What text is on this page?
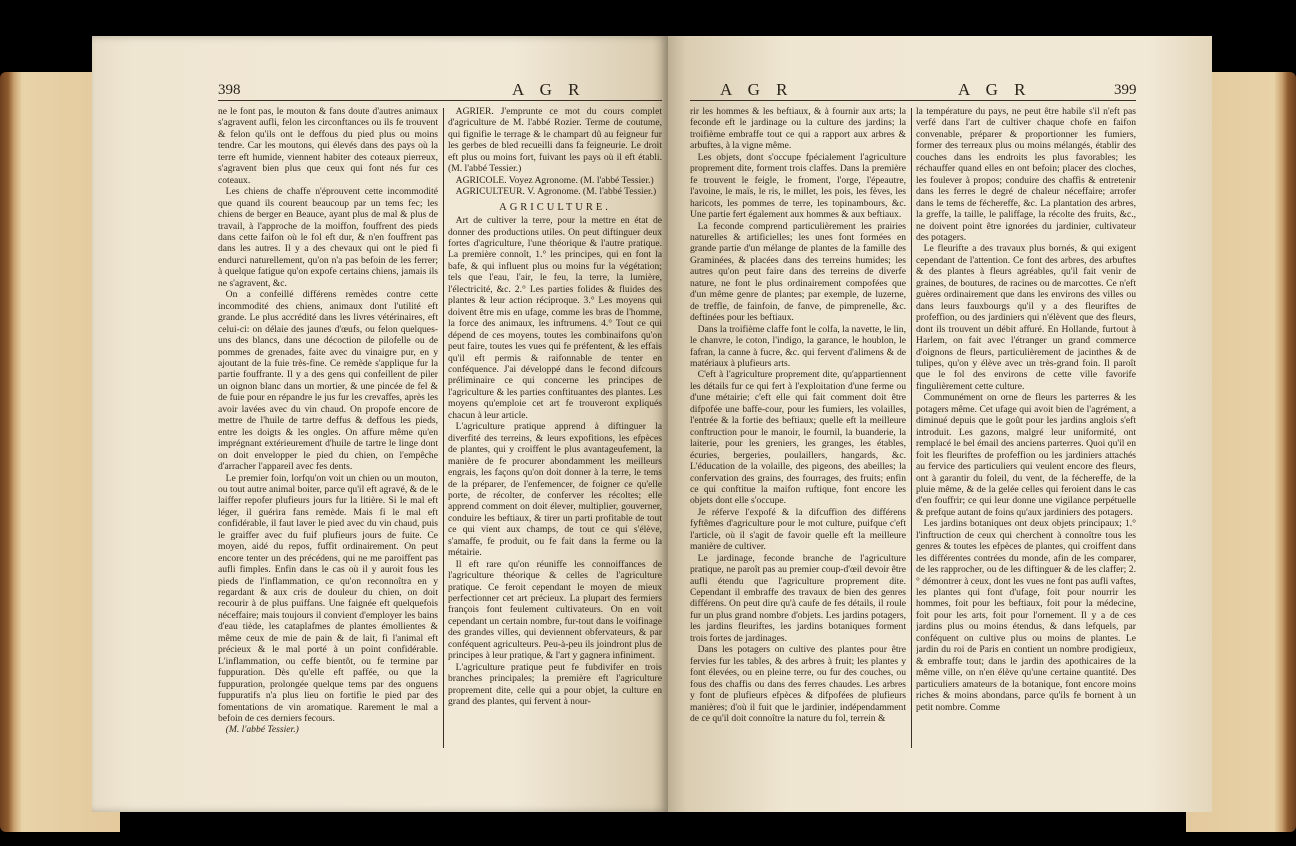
398	A G R

ne le font pas, le mouton & fans doute d'autres animaux s'agravent aufli, felon les circonftances ou ils fe trouvent & felon qu'ils ont le deffous du pied plus ou moins tendre. Car les moutons, qui élevés dans des pays où la terre eft humide, viennent habiter des coteaux pierreux, s'agravent bien plus que ceux qui font nés fur ces coteaux.

Les chiens de chaffe n'éprouvent cette incommodité que quand ils courent beaucoup par un tems fec; les chiens de berger en Beauce, ayant plus de mal & plus de travail, à l'approche de la moiffon, fouffrent des pieds dans cette faifon où le fol eft dur, & n'en fouffrent pas dans les autres. Il y a des chevaux qui ont le pied fi endurci naturellement, qu'on n'a pas befoin de les ferrer; à quelque fatigue qu'on expofe certains chiens, jamais ils ne s'agravent, &c.

On a confeillé différens remèdes contre cette incommodité des chiens, animaux dont l'utilité eft grande. Le plus accrédité dans les livres vétérinaires, eft celui-ci: on délaie des jaunes d'œufs, ou felon quelques-uns des blancs, dans une décoction de pilofelle ou de pommes de grenades, faite avec du vinaigre pur, en y ajoutant de la fuie très-fine. Ce remède s'applique fur la partie fouffrante. Il y a des gens qui confeillent de piler un oignon blanc dans un mortier, & une pincée de fel & de fuie pour en répandre le jus fur les crevaffes, après les avoir lavées avec du vin chaud. On propofe encore de mettre de l'huile de tartre deffus & deffous les pieds, entre les doigts & les ongles. On affure même qu'en imprégnant extérieurement d'huile de tartre le linge dont on doit envelopper le pied du chien, on l'empêche d'arracher l'appareil avec fes dents.

Le premier foin, lorfqu'on voit un chien ou un mouton, ou tout autre animal boiter, parce qu'il eft agravé, & de le laiffer repofer plufieurs jours fur la litière. Si le mal eft léger, il guérira fans remède. Mais fi le mal eft confidérable, il faut laver le pied avec du vin chaud, puis le graiffer avec du fuif plufieurs jours de fuite. Ce moyen, aidé du repos, fuffit ordinairement. On peut encore tenter un des précédens, qui ne me paroiffent pas aufli fimples. Enfin dans le cas où il y auroit fous les pieds de l'inflammation, ce qu'on reconnoîtra en y regardant & aux cris de douleur du chien, on doit recourir à de plus puiffans. Une faignée eft quelquefois néceffaire; mais toujours il convient d'employer les bains d'eau tiède, les cataplafmes de plantes émollientes & même ceux de mie de pain & de lait, fi l'animal eft précieux & le mal porté à un point confidérable. L'inflammation, ou ceffe bientôt, ou fe termine par fuppuration. Dès qu'elle eft paffée, ou que la fuppuration, prolongée quelque tems par des onguens fuppuratifs n'a plus lieu on fortifie le pied par des fomentations de vin aromatique. Rarement le mal a befoin de ces derniers fecours.

(M. l'abbé Tessier.)

AGRIER. J'emprunte ce mot du cours complet d'agriculture de M. l'abbé Rozier. Terme de coutume, qui fignifie le terrage & le champart dû au feigneur fur les gerbes de bled recueilli dans fa feigneurie. Le droit eft plus ou moins fort, fuivant les pays où il eft établi. (M. l'abbé Tessier.)

AGRICOLE. Voyez Agronome. (M. l'abbé Tessier.)

AGRICULTEUR. V. Agronome. (M. l'abbé Tessier.)

AGRICULTURE.

Art de cultiver la terre, pour la mettre en état de donner des productions utiles. On peut diftinguer deux fortes d'agriculture, l'une théorique & l'autre pratique. La première connoît, 1.° les principes, qui en font la bafe, & qui influent plus ou moins fur la végétation; tels que l'eau, l'air, le feu, la terre, la lumière, l'électricité, &c. 2.° Les parties folides & fluides des plantes & leur action réciproque. 3.° Les moyens qui doivent être mis en ufage, comme les bras de l'homme, la force des animaux, les inftrumens. 4.° Tout ce qui dépend de ces moyens, toutes les combinaifons qu'on peut faire, toutes les vues qui fe préfentent, & les effais qu'il eft permis & raifonnable de tenter en conféquence. J'ai développé dans le fecond difcours préliminaire ce qui concerne les principes de l'agriculture & les parties conftituantes des plantes. Les moyens qu'emploie cet art fe trouveront expliqués chacun à leur article.

L'agriculture pratique apprend à diftinguer la diverfité des terreins, & leurs expofitions, les efpèces de plantes, qui y croiffent le plus avantageufement, la manière de fe procurer abondamment les meilleurs engrais, les façons qu'on doit donner à la terre, le tems de la préparer, de l'enfemencer, de foigner ce qu'elle porte, de récolter, de conferver les récoltes; elle apprend comment on doit élever, multiplier, gouverner, conduire les beftiaux, & tirer un parti profitable de tout ce qui vient aux champs, de tout ce qui s'élève, s'amaffe, fe produit, ou fe fait dans la ferme ou la métairie.

Il eft rare qu'on réuniffe les connoiffances de l'agriculture théorique & celles de l'agriculture pratique. Ce feroit cependant le moyen de mieux perfectionner cet art précieux. La plupart des fermiers françois font feulement cultivateurs. On en voit cependant un certain nombre, fur-tout dans le voifinage des grandes villes, qui deviennent obfervateurs, & par conféquent agriculteurs. Peu-à-peu ils joindront plus de principes à leur pratique, & l'art y gagnera infiniment.

L'agriculture pratique peut fe fubdivifer en trois branches principales; la première eft l'agriculture proprement dite, celle qui a pour objet, la culture en grand des plantes, qui fervent à nour-

A G R	A G R	399

rir les hommes & les beftiaux, & à fournir aux arts; la feconde eft le jardinage ou la culture des jardins; la troifième embraffe tout ce qui a rapport aux arbres & arbuftes, à la vigne même.

Les objets, dont s'occupe fpécialement l'agriculture proprement dite, forment trois claffes. Dans la première fe trouvent le feigle, le froment, l'orge, l'épeautre, l'avoine, le maïs, le ris, le millet, les pois, les fèves, les haricots, les pommes de terre, les topinambours, &c. Une partie fert également aux hommes & aux beftiaux.

La feconde comprend particulièrement les prairies naturelles & artificielles; les unes font formées en grande partie d'un mélange de plantes de la famille des Graminées, & placées dans des terreins humides; les autres qu'on peut faire dans des terreins de diverfe nature, ne font le plus ordinairement compofées que d'un même genre de plantes; par exemple, de luzerne, de treffle, de fainfoin, de fanve, de pimprenelle, &c. deftinées pour les beftiaux.

Dans la troifième claffe font le colfa, la navette, le lin, le chanvre, le coton, l'indigo, la garance, le houblon, le fafran, la canne à fucre, &c. qui fervent d'alimens & de matériaux à plufieurs arts.

C'eft à l'agriculture proprement dite, qu'appartiennent les détails fur ce qui fert à l'exploitation d'une ferme ou d'une métairie; c'eft elle qui fait comment doit être difpofée une baffe-cour, pour les fumiers, les volailles, l'entrée & la fortie des beftiaux; quelle eft la meilleure conftruction pour le manoir, le fournil, la buanderie, la laiterie, pour les greniers, les granges, les étables, écuries, bergeries, poulaillers, hangards, &c. L'éducation de la volaille, des pigeons, des abeilles; la confervation des grains, des fourrages, des fruits; enfin ce qui conftitue la maifon ruftique, font encore les objets dont elle s'occupe.

Je réferve l'expofé & la difcuffion des différens fyftêmes d'agriculture pour le mot culture, puifque c'eft l'article, où il s'agit de favoir quelle eft la meilleure manière de cultiver.

Le jardinage, feconde branche de l'agriculture pratique, ne paroît pas au premier coup-d'œil devoir être aufli étendu que l'agriculture proprement dite. Cependant il embraffe des travaux de bien des genres différens. On peut dire qu'à caufe de fes détails, il roule fur un plus grand nombre d'objets. Les jardins potagers, les jardins fleuriftes, les jardins botaniques forment trois fortes de jardinages.

Dans les potagers on cultive des plantes pour être fervies fur les tables, & des arbres à fruit; les plantes y font élevées, ou en pleine terre, ou fur des couches, ou fous des chaffis ou dans des ferres chaudes. Les arbres y font de plufieurs efpèces & difpofées de plufieurs manières; d'où il fuit que le jardinier, indépendamment de ce qu'il doit connoître la nature du fol, terrein &

la température du pays, ne peut être habile s'il n'eft pas verfé dans l'art de cultiver chaque chofe en faifon convenable, préparer & proportionner les fumiers, former des terreaux plus ou moins mélangés, établir des couches dans les endroits les plus favorables; les réchauffer quand elles en ont befoin; placer des cloches, les foulever à propos; conduire des chaffis & entretenir dans les ferres le degré de chaleur néceffaire; arrofer dans le tems de féchereffe, &c. La plantation des arbres, la greffe, la taille, le paliffage, la récolte des fruits, &c., ne doivent point être ignorées du jardinier, cultivateur des potagers.

Le fleurifte a des travaux plus bornés, & qui exigent cependant de l'attention. Ce font des arbres, des arbuftes & des plantes à fleurs agréables, qu'il fait venir de graines, de boutures, de racines ou de marcottes. Ce n'eft guères ordinairement que dans les environs des villes ou dans leurs fauxbourgs qu'il y a des fleuriftes de profeffion, ou des jardiniers qui n'élèvent que des fleurs, dont ils trouvent un débit affuré. En Hollande, furtout à Harlem, on fait avec l'étranger un grand commerce d'oignons de fleurs, particulièrement de jacinthes & de tulipes, qu'on y élève avec un très-grand foin. Il paroît que le fol des environs de cette ville favorife fingulièrement cette culture.

Communément on orne de fleurs les parterres & les potagers même. Cet ufage qui avoit bien de l'agrément, a diminué depuis que le goût pour les jardins anglois s'eft introduit. Les gazons, malgré leur uniformité, ont remplacé le bel émail des anciens parterres. Quoi qu'il en foit les fleuriftes de profeffion ou les jardiniers attachés au fervice des particuliers qui veulent encore des fleurs, ont à garantir du foleil, du vent, de la féchereffe, de la pluie même, & de la gelée celles qui feroient dans le cas d'en fouffrir; ce qui leur donne une vigilance perpétuelle & prefque autant de foins qu'aux jardiniers des potagers.

Les jardins botaniques ont deux objets principaux; 1.° l'inftruction de ceux qui cherchent à connoître tous les genres & toutes les efpèces de plantes, qui croiffent dans les différentes contrées du monde, afin de les comparer, de les rapprocher, ou de les diftinguer & de les claffer; 2.° démontrer à ceux, dont les vues ne font pas aufli vaftes, les plantes qui font d'ufage, foit pour nourrir les hommes, foit pour les beftiaux, foit pour la médecine, foit pour les arts, foit pour l'ornement. Il y a de ces jardins plus ou moins étendus, & dans lefquels, par conféquent on cultive plus ou moins de plantes. Le jardin du roi de Paris en contient un nombre prodigieux, & embraffe tout; dans le jardin des apothicaires de la même ville, on n'en élève qu'une certaine quantité. Des particuliers amateurs de la botanique, font encore moins riches & moins abondans, parce qu'ils fe bornent à un petit nombre. Comme
